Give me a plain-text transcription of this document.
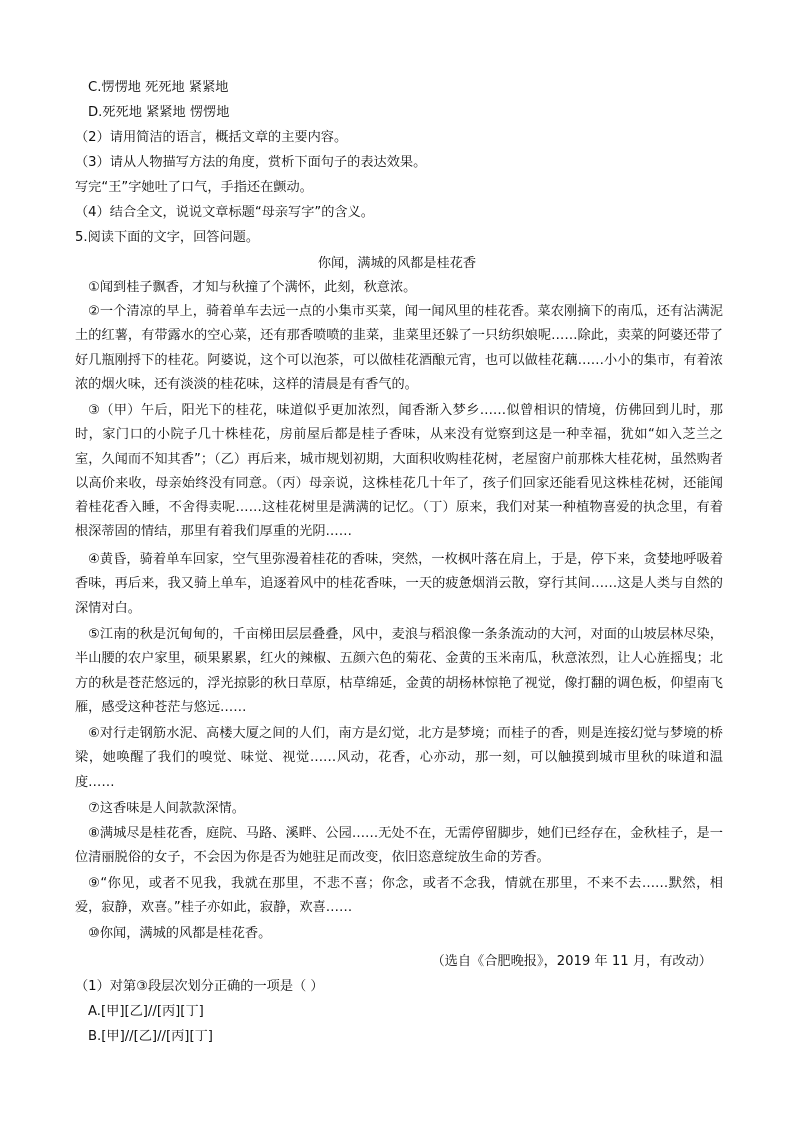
C.愣愣地 死死地 紧紧地
D.死死地 紧紧地 愣愣地
（2）请用简洁的语言，概括文章的主要内容。
（3）请从人物描写方法的角度，赏析下面句子的表达效果。
写完“王”字她吐了口气，手指还在颤动。
（4）结合全文，说说文章标题“母亲写字”的含义。
5.阅读下面的文字，回答问题。
你闻，满城的风都是桂花香
①闻到桂子飘香，才知与秋撞了个满怀，此刻，秋意浓。
②一个清凉的早上，骑着单车去远一点的小集市买菜，闻一闻风里的桂花香。菜农刚摘下的南瓜，还有沾满泥土的红薯，有带露水的空心菜，还有那香喷喷的韭菜，韭菜里还躲了一只纺织娘呢……除此，卖菜的阿婆还带了好几瓶刚捋下的桂花。阿婆说，这个可以泡茶，可以做桂花酒酿元宵，也可以做桂花藕……小小的集市，有着浓浓的烟火味，还有淡淡的桂花味，这样的清晨是有香气的。
③（甲）午后，阳光下的桂花，味道似乎更加浓烈，闻香渐入梦乡……似曾相识的情境，仿佛回到儿时，那时，家门口的小院子几十株桂花，房前屋后都是桂子香味，从来没有觉察到这是一种幸福，犹如“如入芝兰之室，久闻而不知其香”；（乙）再后来，城市规划初期，大面积收购桂花树，老屋窗户前那株大桂花树，虽然购者以高价来收，母亲始终没有同意。（丙）母亲说，这株桂花几十年了，孩子们回家还能看见这株桂花树，还能闻着桂花香入睡，不舍得卖呢……这桂花树里是满满的记忆。（丁）原来，我们对某一种植物喜爱的执念里，有着根深蒂固的情结，那里有着我们厚重的光阴……
④黄昏，骑着单车回家，空气里弥漫着桂花的香味，突然，一枚枫叶落在肩上，于是，停下来，贪婪地呼吸着香味，再后来，我又骑上单车，追逐着风中的桂花香味，一天的疲惫烟消云散，穿行其间……这是人类与自然的深情对白。
⑤江南的秋是沉甸甸的，千亩梯田层层叠叠，风中，麦浪与稻浪像一条条流动的大河，对面的山坡层林尽染，半山腰的农户家里，硕果累累，红火的辣椒、五颜六色的菊花、金黄的玉米南瓜，秋意浓烈，让人心旌摇曳；北方的秋是苍茫悠远的，浮光掠影的秋日草原，枯草绵延，金黄的胡杨林惊艳了视觉，像打翻的调色板，仰望南飞雁，感受这种苍茫与悠远……
⑥对行走钢筋水泥、高楼大厦之间的人们，南方是幻觉，北方是梦境；而桂子的香，则是连接幻觉与梦境的桥梁，她唤醒了我们的嗅觉、味觉、视觉……风动，花香，心亦动，那一刻，可以触摸到城市里秋的味道和温度……
⑦这香味是人间款款深情。
⑧满城尽是桂花香，庭院、马路、溪畔、公园……无处不在，无需停留脚步，她们已经存在，金秋桂子，是一位清丽脱俗的女子，不会因为你是否为她驻足而改变，依旧恣意绽放生命的芳香。
⑨“你见，或者不见我，我就在那里，不悲不喜；你念，或者不念我，情就在那里，不来不去……默然，相爱，寂静，欢喜。”桂子亦如此，寂静，欢喜……
⑩你闻，满城的风都是桂花香。
（选自《合肥晚报》，2019 年 11 月，有改动）
（1）对第③段层次划分正确的一项是（ ）
A.[甲][乙]//[丙][丁]
B.[甲]//[乙]//[丙][丁]
